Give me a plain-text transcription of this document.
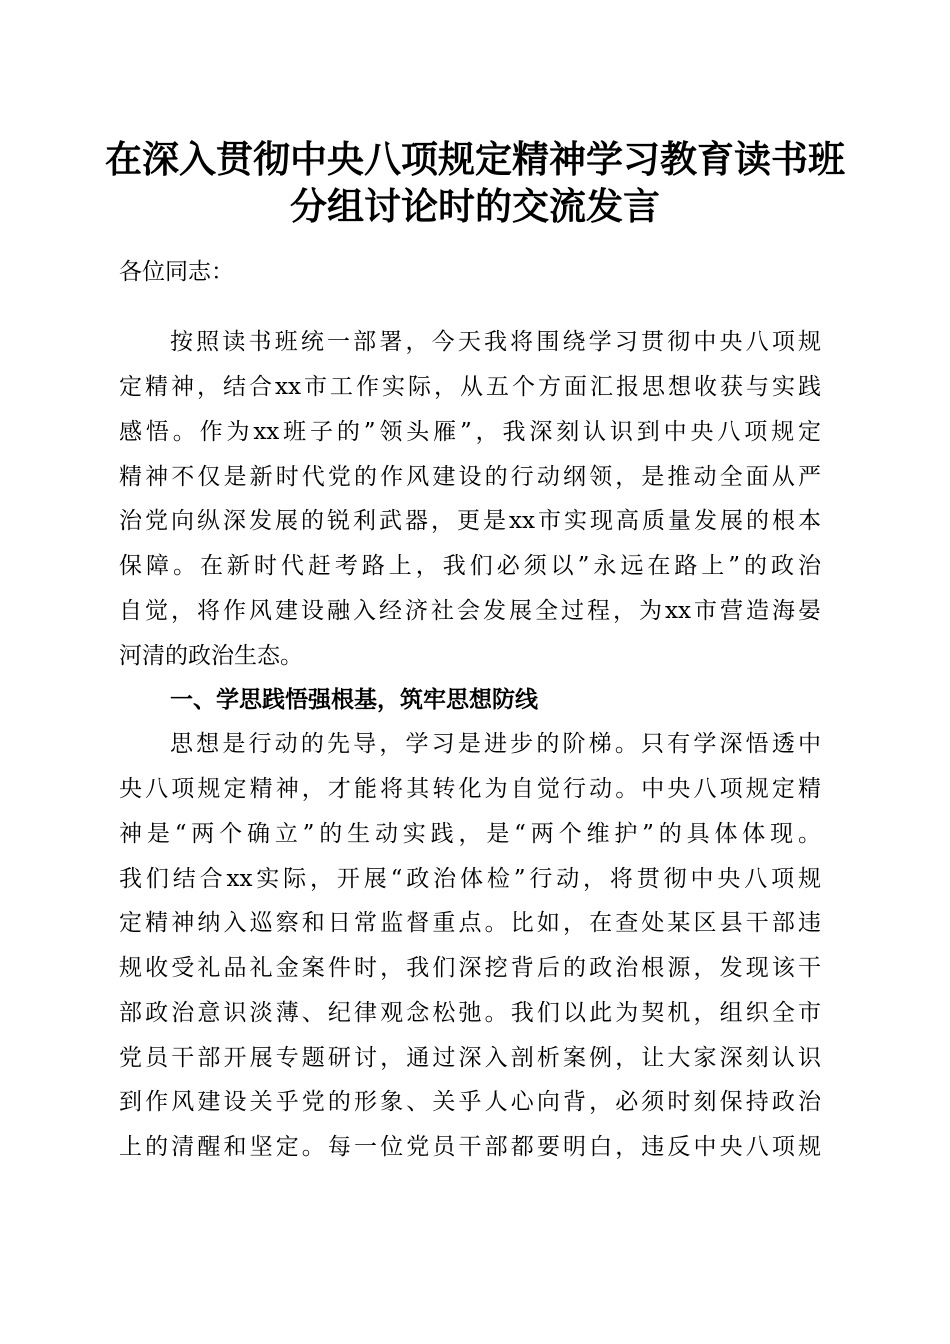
在深入贯彻中央八项规定精神学习教育读书班
分组讨论时的交流发言
各位同志：
按照读书班统一部署，今天我将围绕学习贯彻中央八项规
定精神，结合xx市工作实际，从五个方面汇报思想收获与实践
感悟。作为xx班子的”领头雁”，我深刻认识到中央八项规定
精神不仅是新时代党的作风建设的行动纲领，是推动全面从严
治党向纵深发展的锐利武器，更是xx市实现高质量发展的根本
保障。在新时代赶考路上，我们必须以”永远在路上”的政治
自觉，将作风建设融入经济社会发展全过程，为xx市营造海晏
河清的政治生态。
一、学思践悟强根基，筑牢思想防线
思想是行动的先导，学习是进步的阶梯。只有学深悟透中
央八项规定精神，才能将其转化为自觉行动。中央八项规定精
神是“两个确立”的生动实践，是“两个维护”的具体体现。
我们结合xx实际，开展“政治体检”行动，将贯彻中央八项规
定精神纳入巡察和日常监督重点。比如，在查处某区县干部违
规收受礼品礼金案件时，我们深挖背后的政治根源，发现该干
部政治意识淡薄、纪律观念松弛。我们以此为契机，组织全市
党员干部开展专题研讨，通过深入剖析案例，让大家深刻认识
到作风建设关乎党的形象、关乎人心向背，必须时刻保持政治
上的清醒和坚定。每一位党员干部都要明白，违反中央八项规
